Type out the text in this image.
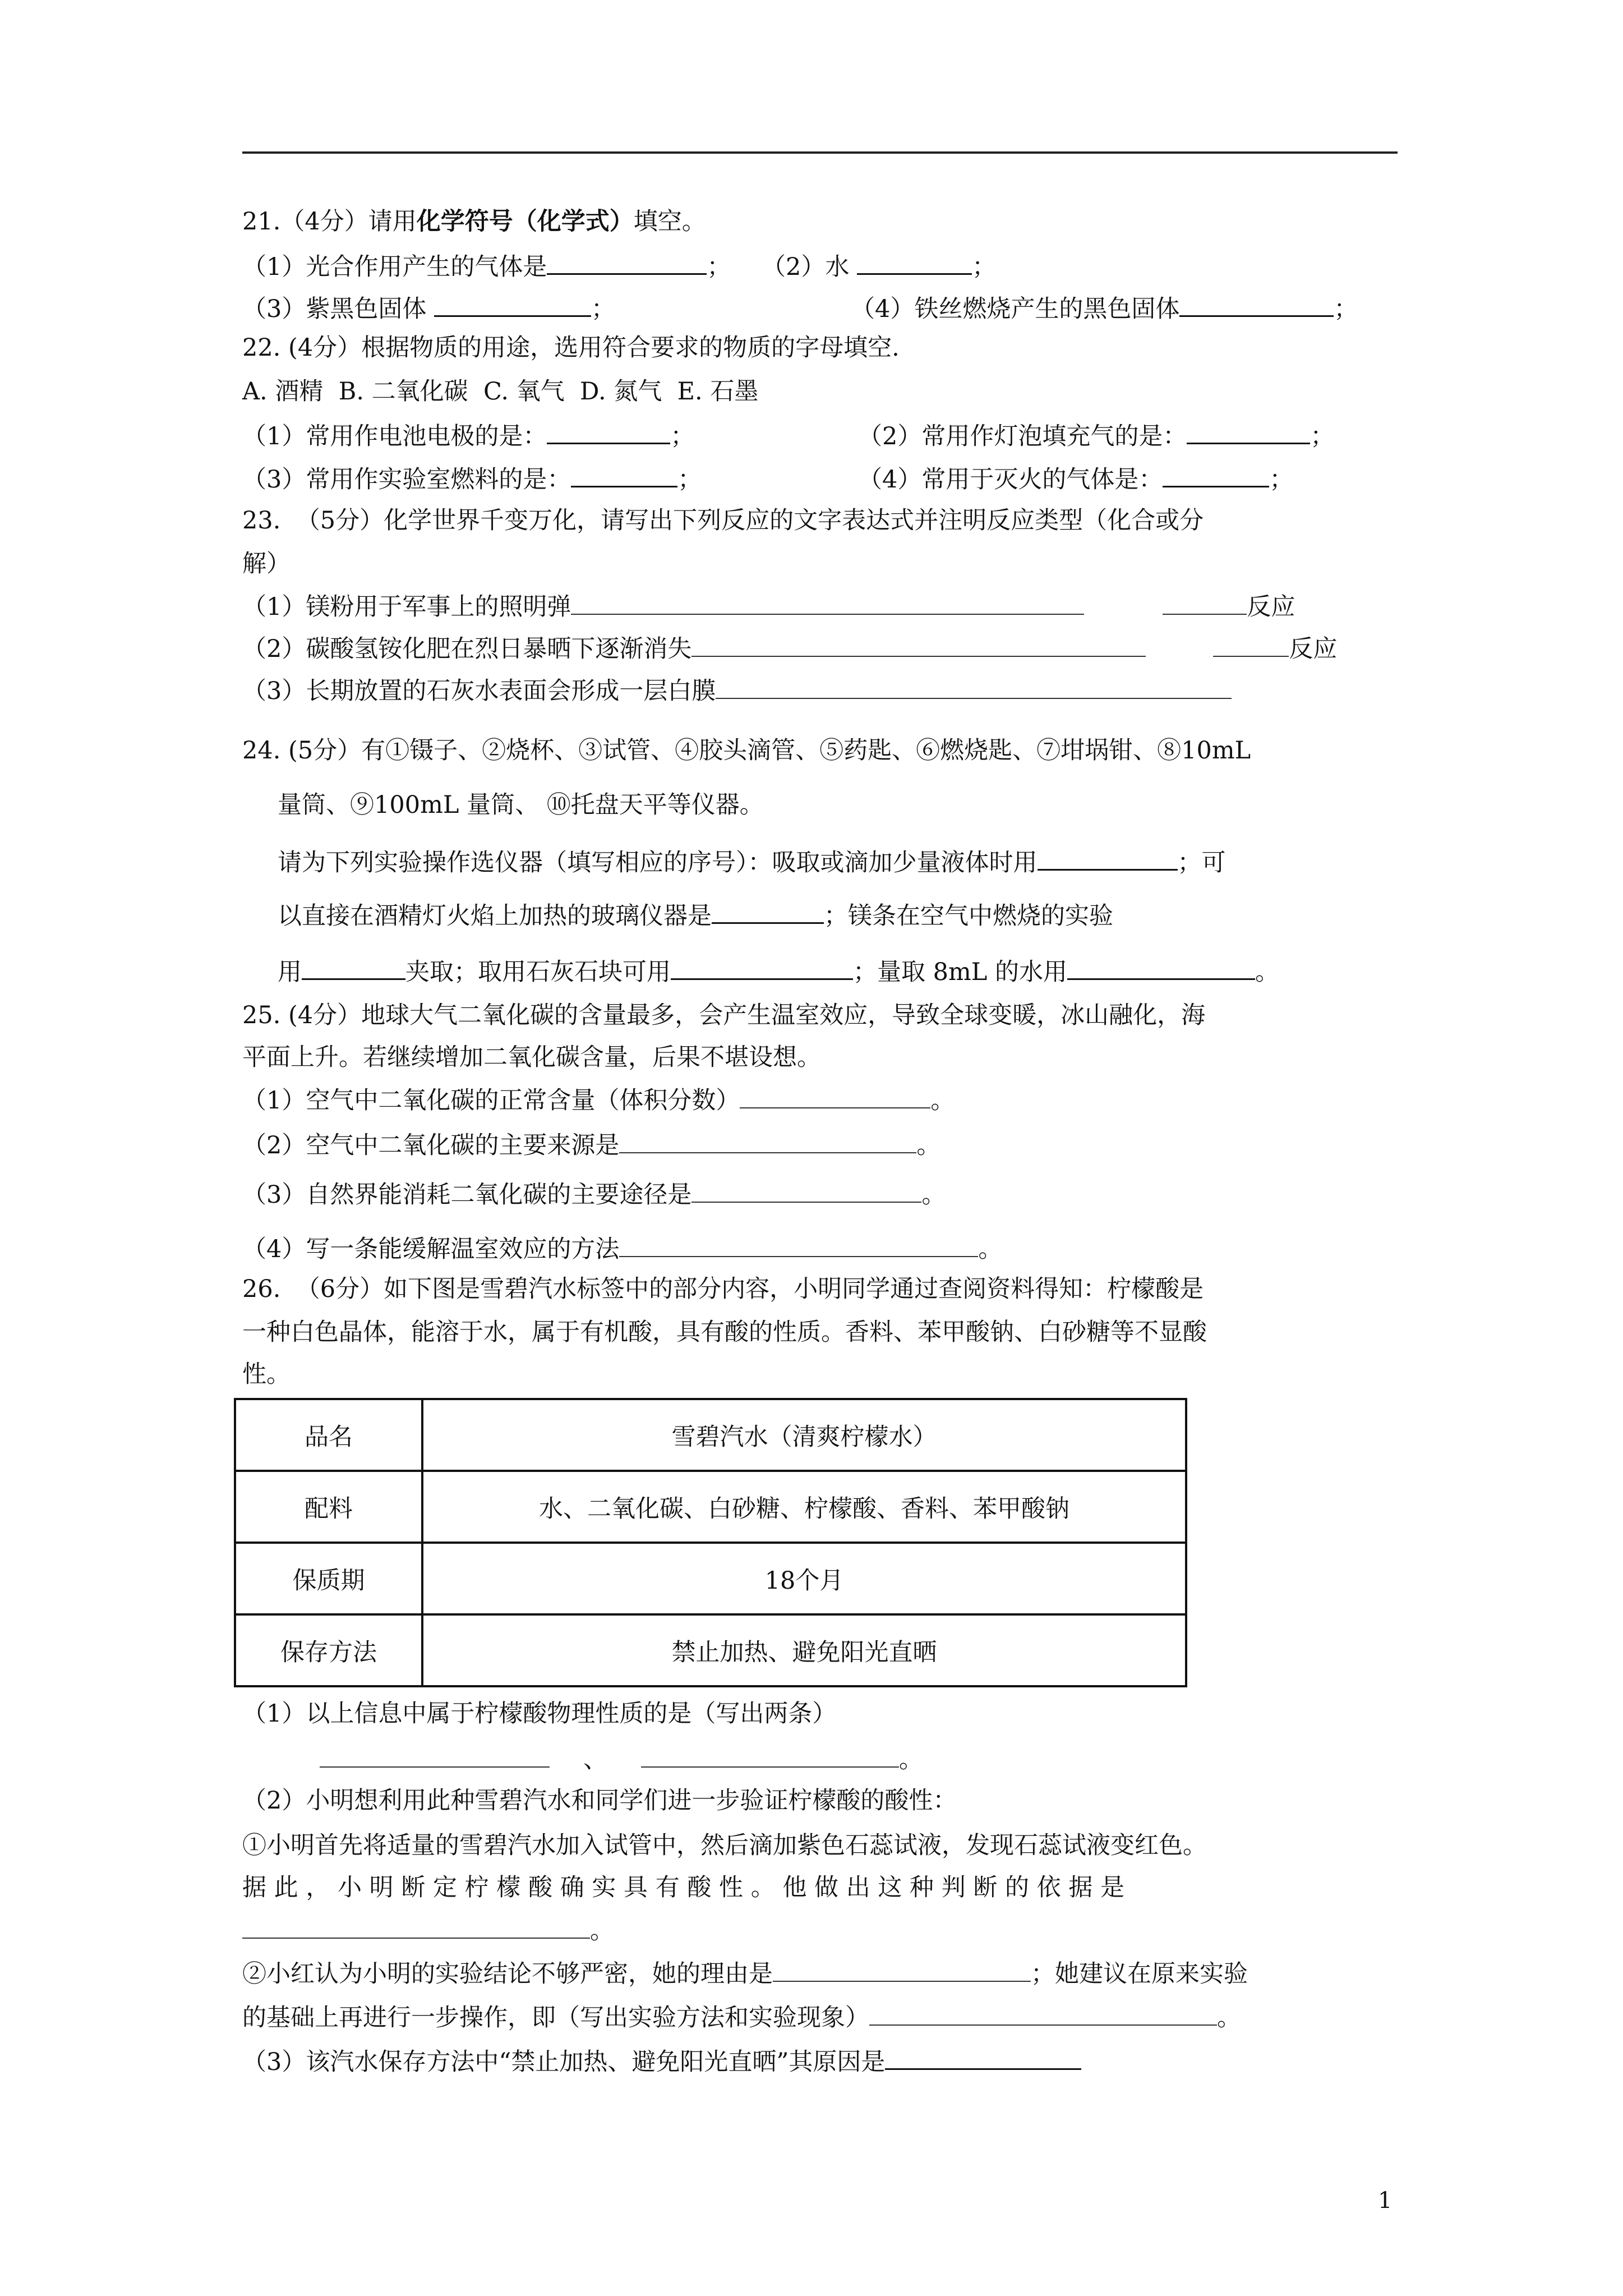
21.（4分）请用化学符号（化学式）填空。
（1）光合作用产生的气体是	；    （2）水	；
（3）紫黑色固体	；	（4）铁丝燃烧产生的黑色固体	；
22. (4分）根据物质的用途，选用符合要求的物质的字母填空.
A. 酒精  B. 二氧化碳  C. 氧气  D. 氮气  E. 石墨
（1）常用作电池电极的是：	；	（2）常用作灯泡填充气的是：	；
（3）常用作实验室燃料的是：	；	（4）常用于灭火的气体是：	；
23.  （5分）化学世界千变万化，请写出下列反应的文字表达式并注明反应类型（化合或分
解）
（1）镁粉用于军事上的照明弹	反应
（2）碳酸氢铵化肥在烈日暴晒下逐渐消失	反应
（3）长期放置的石灰水表面会形成一层白膜
24. (5分）有①镊子、②烧杯、③试管、④胶头滴管、⑤药匙、⑥燃烧匙、⑦坩埚钳、⑧10mL
量筒、⑨100mL 量筒、 ⑩托盘天平等仪器。
请为下列实验操作选仪器（填写相应的序号）：吸取或滴加少量液体时用	；可
以直接在酒精灯火焰上加热的玻璃仪器是	；镁条在空气中燃烧的实验
用	夹取；取用石灰石块可用	；量取 8mL 的水用	。
25. (4分）地球大气二氧化碳的含量最多，会产生温室效应，导致全球变暖，冰山融化，海
平面上升。若继续增加二氧化碳含量，后果不堪设想。
（1）空气中二氧化碳的正常含量（体积分数）	。
（2）空气中二氧化碳的主要来源是	。
（3）自然界能消耗二氧化碳的主要途径是	。
（4）写一条能缓解温室效应的方法	。
26.  （6分）如下图是雪碧汽水标签中的部分内容，小明同学通过查阅资料得知：柠檬酸是
一种白色晶体，能溶于水，属于有机酸，具有酸的性质。香料、苯甲酸钠、白砂糖等不显酸
性。
品名	雪碧汽水（清爽柠檬水）
配料	水、二氧化碳、白砂糖、柠檬酸、香料、苯甲酸钠
保质期	18个月
保存方法	禁止加热、避免阳光直晒
（1）以上信息中属于柠檬酸物理性质的是（写出两条）
、	。
（2）小明想利用此种雪碧汽水和同学们进一步验证柠檬酸的酸性：
①小明首先将适量的雪碧汽水加入试管中，然后滴加紫色石蕊试液，发现石蕊试液变红色。
据 此 ， 小 明 断 定 柠 檬 酸 确 实 具 有 酸 性 。 他 做 出 这 种 判 断 的 依 据 是
。
②小红认为小明的实验结论不够严密，她的理由是	；她建议在原来实验
的基础上再进行一步操作，即（写出实验方法和实验现象）	。
（3）该汽水保存方法中“禁止加热、避免阳光直晒”其原因是
1
